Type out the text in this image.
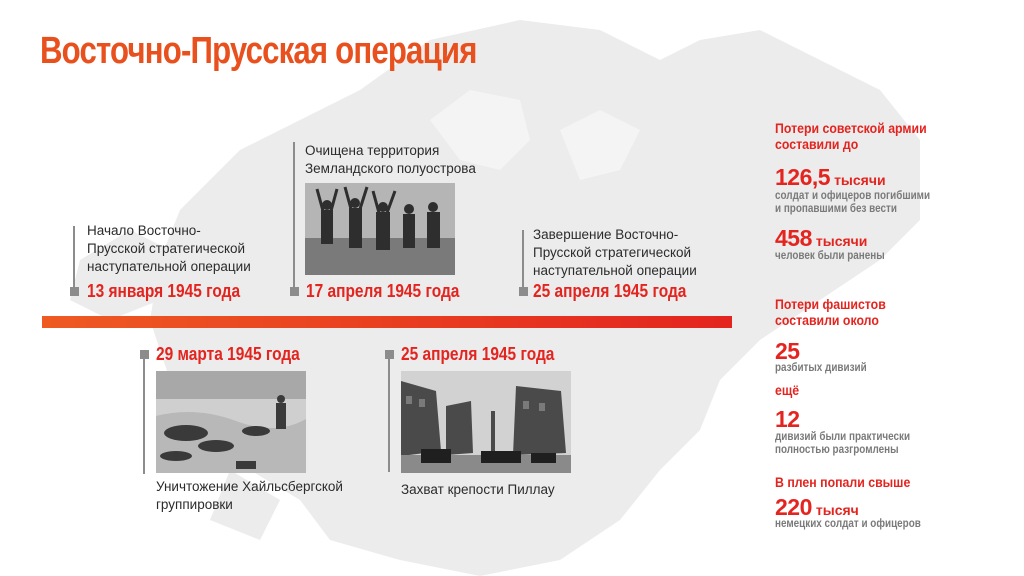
Восточно-Прусская операция
Начало Восточно-
Прусской стратегической
наступательной операции
13 января 1945 года
Очищена территория
Земландского полуострова
17 апреля 1945 года
Завершение Восточно-
Прусской стратегической
наступательной операции
25 апреля 1945 года
29 марта 1945 года
Уничтожение Хайльсбергской
группировки
25 апреля 1945 года
Захват крепости Пиллау
Потери советской армии
составили до
126,5 тысячи
солдат и офицеров погибшими
и пропавшими без вести
458 тысячи
человек были ранены
Потери фашистов
составили около
25
разбитых дивизий
ещё
12
дивизий были практически
полностью разгромлены
В плен попали свыше
220 тысяч
немецких солдат и офицеров
